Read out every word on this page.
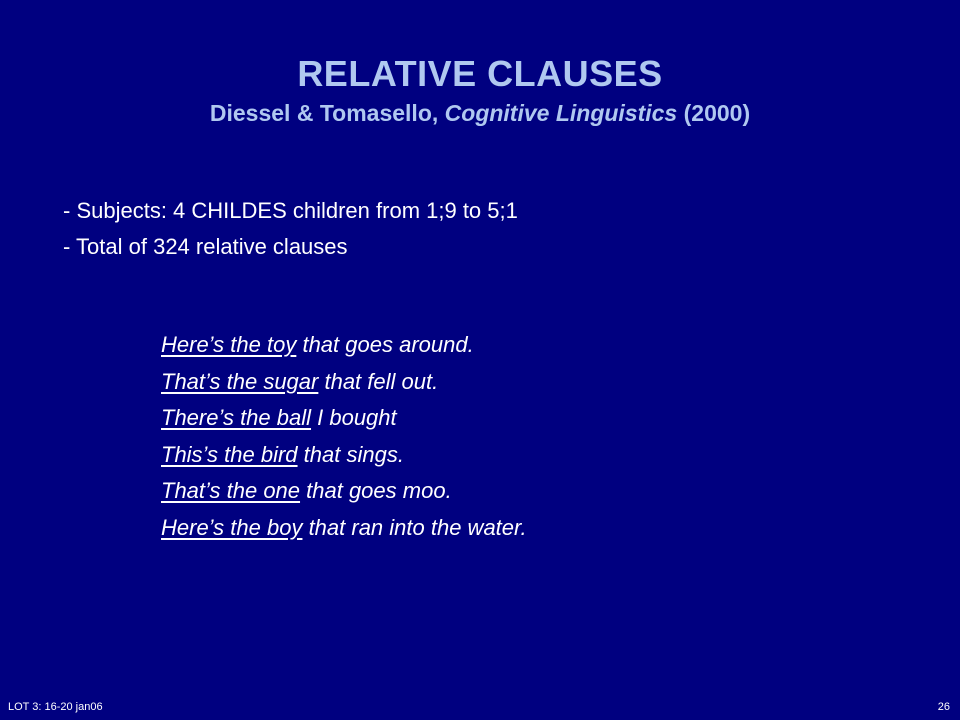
RELATIVE CLAUSES
Diessel & Tomasello, Cognitive Linguistics (2000)
- Subjects: 4 CHILDES children from 1;9 to 5;1
- Total of 324 relative clauses
Here’s the toy that goes around.
That’s the sugar that fell out.
There’s the ball I bought
This’s the bird that sings.
That’s the one that goes moo.
Here’s the boy that ran into the water.
LOT 3: 16-20 jan06	26
